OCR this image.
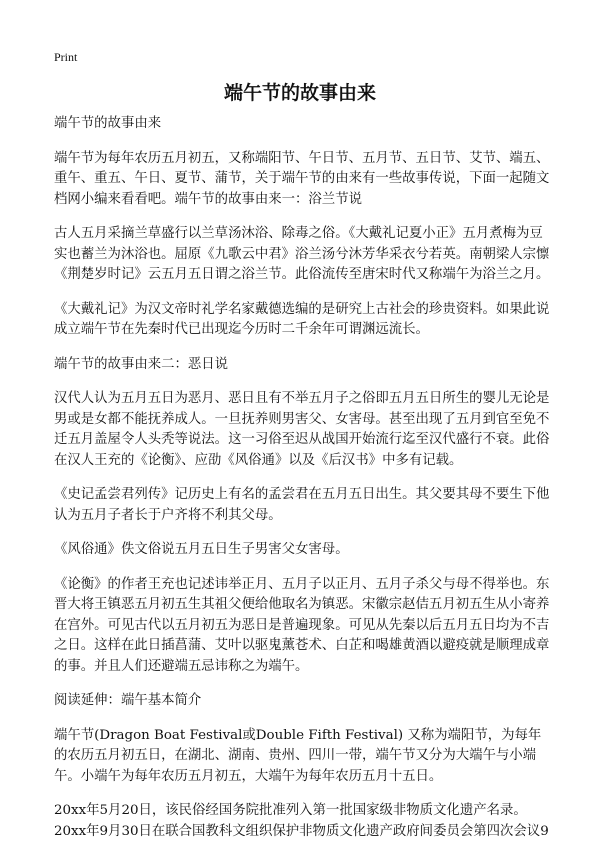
Print
端午节的故事由来

端午节的故事由来

端午节为每年农历五月初五，又称端阳节、午日节、五月节、五日节、艾节、端五、重午、重五、午日、夏节、蒲节，关于端午节的由来有一些故事传说，下面一起随文档网小编来看看吧。端午节的故事由来一：浴兰节说

古人五月采摘兰草盛行以兰草汤沐浴、除毒之俗。《大戴礼记夏小正》五月煮梅为豆实也蓄兰为沐浴也。屈原《九歌云中君》浴兰汤兮沐芳华采衣兮若英。南朝梁人宗懔《荆楚岁时记》云五月五日谓之浴兰节。此俗流传至唐宋时代又称端午为浴兰之月。

《大戴礼记》为汉文帝时礼学名家戴德选编的是研究上古社会的珍贵资料。如果此说成立端午节在先秦时代已出现迄今历时二千余年可谓渊远流长。

端午节的故事由来二：恶日说

汉代人认为五月五日为恶月、恶日且有不举五月子之俗即五月五日所生的婴儿无论是男或是女都不能抚养成人。一旦抚养则男害父、女害母。甚至出现了五月到官至免不迁五月盖屋令人头秃等说法。这一习俗至迟从战国开始流行迄至汉代盛行不衰。此俗在汉人王充的《论衡》、应劭《风俗通》以及《后汉书》中多有记载。

《史记孟尝君列传》记历史上有名的孟尝君在五月五日出生。其父要其母不要生下他认为五月子者长于户齐将不利其父母。

《风俗通》佚文俗说五月五日生子男害父女害母。

《论衡》的作者王充也记述讳举正月、五月子以正月、五月子杀父与母不得举也。东晋大将王镇恶五月初五生其祖父便给他取名为镇恶。宋徽宗赵佶五月初五生从小寄养在宫外。可见古代以五月初五为恶日是普遍现象。可见从先秦以后五月五日均为不吉之日。这样在此日插菖蒲、艾叶以驱鬼薰苍术、白芷和喝雄黄酒以避疫就是顺理成章的事。并且人们还避端五忌讳称之为端午。

阅读延伸：端午基本简介

端午节(Dragon Boat Festival或Double Fifth Festival) 又称为端阳节，为每年的农历五月初五日，在湖北、湖南、贵州、四川一带，端午节又分为大端午与小端午。小端午为每年农历五月初五，大端午为每年农历五月十五日。

20xx年5月20日，该民俗经国务院批准列入第一批国家级非物质文化遗产名录。

20xx年9月30日在联合国教科文组织保护非物质文化遗产政府间委员会第四次会议9
